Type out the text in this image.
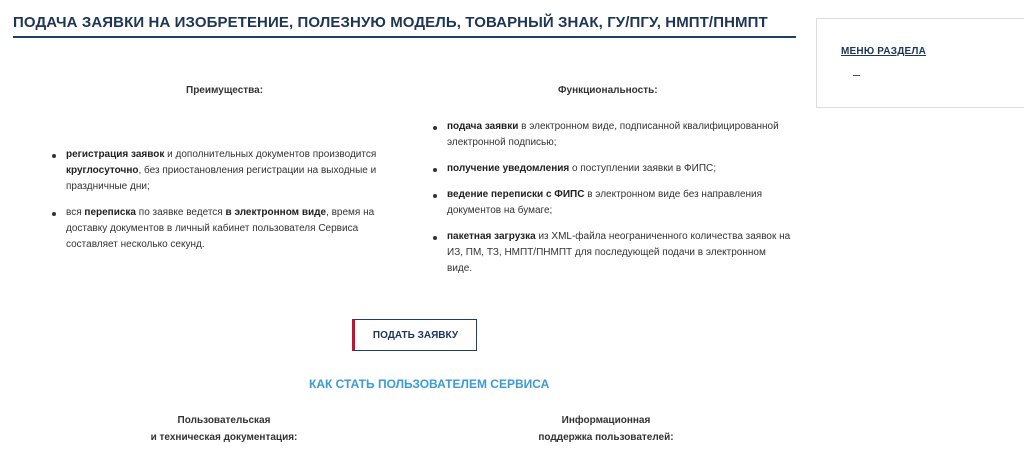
ПОДАЧА ЗАЯВКИ НА ИЗОБРЕТЕНИЕ, ПОЛЕЗНУЮ МОДЕЛЬ, ТОВАРНЫЙ ЗНАК, ГУ/ПГУ, НМПТ/ПНМПТ
МЕНЮ РАЗДЕЛА
Преимущества:
регистрация заявок и дополнительных документов производится круглосуточно, без приостановления регистрации на выходные и праздничные дни;
вся переписка по заявке ведется в электронном виде, время на доставку документов в личный кабинет пользователя Сервиса составляет несколько секунд.
Функциональность:
подача заявки в электронном виде, подписанной квалифицированной электронной подписью;
получение уведомления о поступлении заявки в ФИПС;
ведение переписки с ФИПС в электронном виде без направления документов на бумаге;
пакетная загрузка из XML-файла неограниченного количества заявок на ИЗ, ПМ, ТЗ, НМПТ/ПНМПТ для последующей подачи в электронном виде.
ПОДАТЬ ЗАЯВКУ
КАК СТАТЬ ПОЛЬЗОВАТЕЛЕМ СЕРВИСА
Пользовательская
и техническая документация:
Информационная
поддержка пользователей:
